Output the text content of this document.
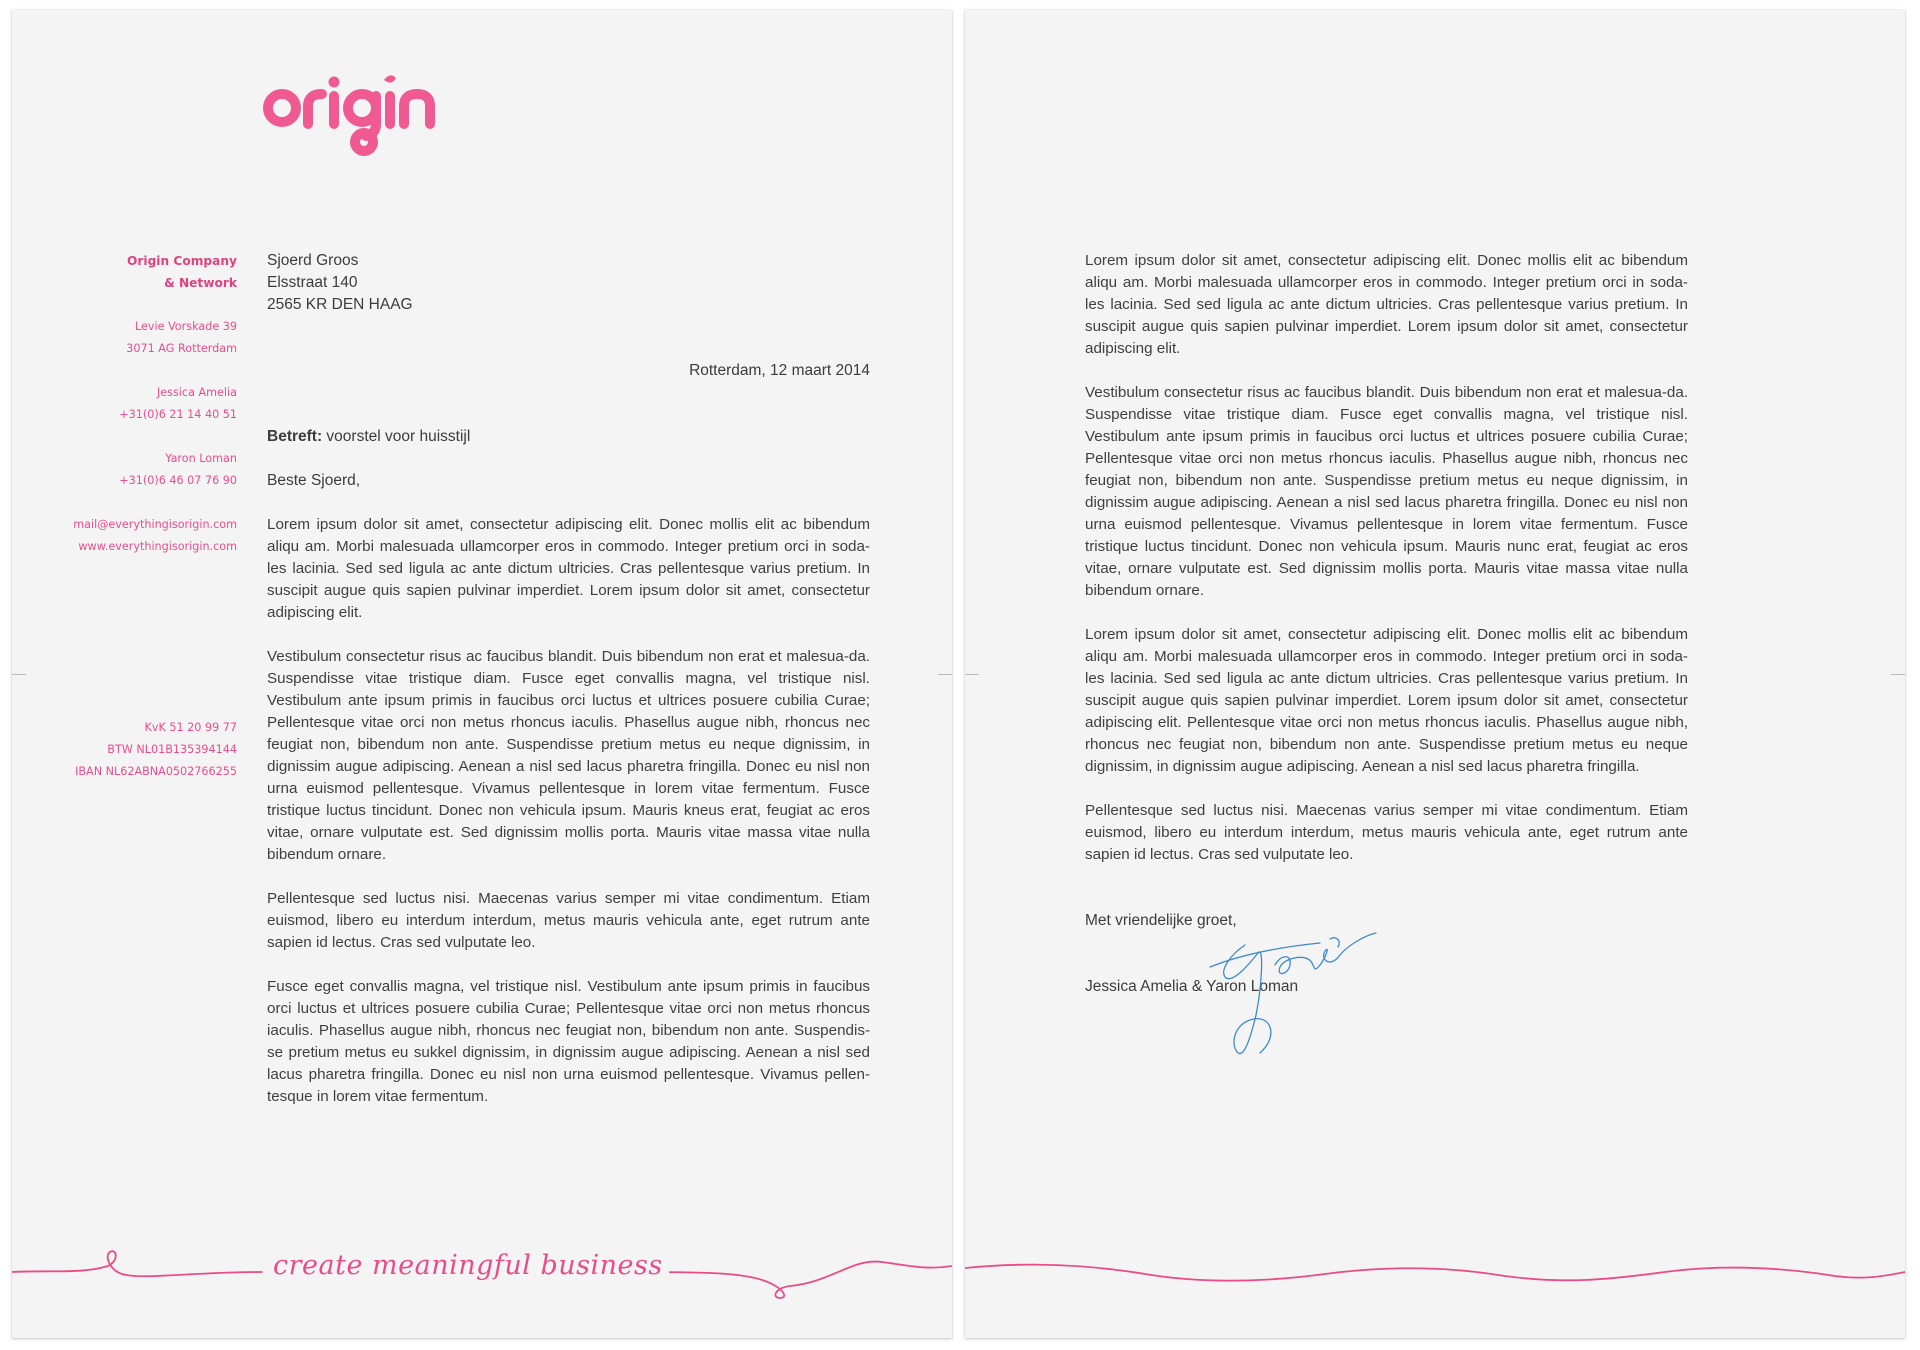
Origin Company
& Network
Levie Vorskade 39
3071 AG Rotterdam
Jessica Amelia
+31(0)6 21 14 40 51
Yaron Loman
+31(0)6 46 07 76 90
mail@everythingisorigin.com
www.everythingisorigin.com
KvK 51 20 99 77
BTW NL01B135394144
IBAN NL62ABNA0502766255
Sjoerd Groos
Elsstraat 140
2565 KR DEN HAAG
Rotterdam, 12 maart 2014
Betreft: voorstel voor huisstijl
Beste Sjoerd,

Lorem ipsum dolor sit amet, consectetur adipiscing elit. Donec mollis elit ac bibendum aliqu am. Morbi malesuada ullamcorper eros in commodo. Integer pretium orci in soda-les lacinia. Sed sed ligula ac ante dictum ultricies. Cras pellentesque varius pretium. In suscipit augue quis sapien pulvinar imperdiet. Lorem ipsum dolor sit amet, consectetur adipiscing elit.

Vestibulum consectetur risus ac faucibus blandit. Duis bibendum non erat et malesua-da. Suspendisse vitae tristique diam. Fusce eget convallis magna, vel tristique nisl. Vestibulum ante ipsum primis in faucibus orci luctus et ultrices posuere cubilia Curae; Pellentesque vitae orci non metus rhoncus iaculis. Phasellus augue nibh, rhoncus nec feugiat non, bibendum non ante. Suspendisse pretium metus eu neque dignissim, in dignissim augue adipiscing. Aenean a nisl sed lacus pharetra fringilla. Donec eu nisl non urna euismod pellentesque. Vivamus pellentesque in lorem vitae fermentum. Fusce tristique luctus tincidunt. Donec non vehicula ipsum. Mauris kneus erat, feugiat ac eros vitae, ornare vulputate est. Sed dignissim mollis porta. Mauris vitae massa vitae nulla bibendum ornare.

Pellentesque sed luctus nisi. Maecenas varius semper mi vitae condimentum. Etiam euismod, libero eu interdum interdum, metus mauris vehicula ante, eget rutrum ante sapien id lectus. Cras sed vulputate leo.

Fusce eget convallis magna, vel tristique nisl. Vestibulum ante ipsum primis in faucibus orci luctus et ultrices posuere cubilia Curae; Pellentesque vitae orci non metus rhoncus iaculis. Phasellus augue nibh, rhoncus nec feugiat non, bibendum non ante. Suspendis-se pretium metus eu sukkel dignissim, in dignissim augue adipiscing. Aenean a nisl sed lacus pharetra fringilla. Donec eu nisl non urna euismod pellentesque. Vivamus pellen-tesque in lorem vitae fermentum.

create meaningful business

Lorem ipsum dolor sit amet, consectetur adipiscing elit. Donec mollis elit ac bibendum aliqu am. Morbi malesuada ullamcorper eros in commodo. Integer pretium orci in soda-les lacinia. Sed sed ligula ac ante dictum ultricies. Cras pellentesque varius pretium. In suscipit augue quis sapien pulvinar imperdiet. Lorem ipsum dolor sit amet, consectetur adipiscing elit.

Vestibulum consectetur risus ac faucibus blandit. Duis bibendum non erat et malesua-da. Suspendisse vitae tristique diam. Fusce eget convallis magna, vel tristique nisl. Vestibulum ante ipsum primis in faucibus orci luctus et ultrices posuere cubilia Curae; Pellentesque vitae orci non metus rhoncus iaculis. Phasellus augue nibh, rhoncus nec feugiat non, bibendum non ante. Suspendisse pretium metus eu neque dignissim, in dignissim augue adipiscing. Aenean a nisl sed lacus pharetra fringilla. Donec eu nisl non urna euismod pellentesque. Vivamus pellentesque in lorem vitae fermentum. Fusce tristique luctus tincidunt. Donec non vehicula ipsum. Mauris nunc erat, feugiat ac eros vitae, ornare vulputate est. Sed dignissim mollis porta. Mauris vitae massa vitae nulla bibendum ornare.

Lorem ipsum dolor sit amet, consectetur adipiscing elit. Donec mollis elit ac bibendum aliqu am. Morbi malesuada ullamcorper eros in commodo. Integer pretium orci in soda-les lacinia. Sed sed ligula ac ante dictum ultricies. Cras pellentesque varius pretium. In suscipit augue quis sapien pulvinar imperdiet. Lorem ipsum dolor sit amet, consectetur adipiscing elit. Pellentesque vitae orci non metus rhoncus iaculis. Phasellus augue nibh, rhoncus nec feugiat non, bibendum non ante. Suspendisse pretium metus eu neque dignissim, in dignissim augue adipiscing. Aenean a nisl sed lacus pharetra fringilla.

Pellentesque sed luctus nisi. Maecenas varius semper mi vitae condimentum. Etiam euismod, libero eu interdum interdum, metus mauris vehicula ante, eget rutrum ante sapien id lectus. Cras sed vulputate leo.

Met vriendelijke groet,
Jessica Amelia & Yaron Loman
